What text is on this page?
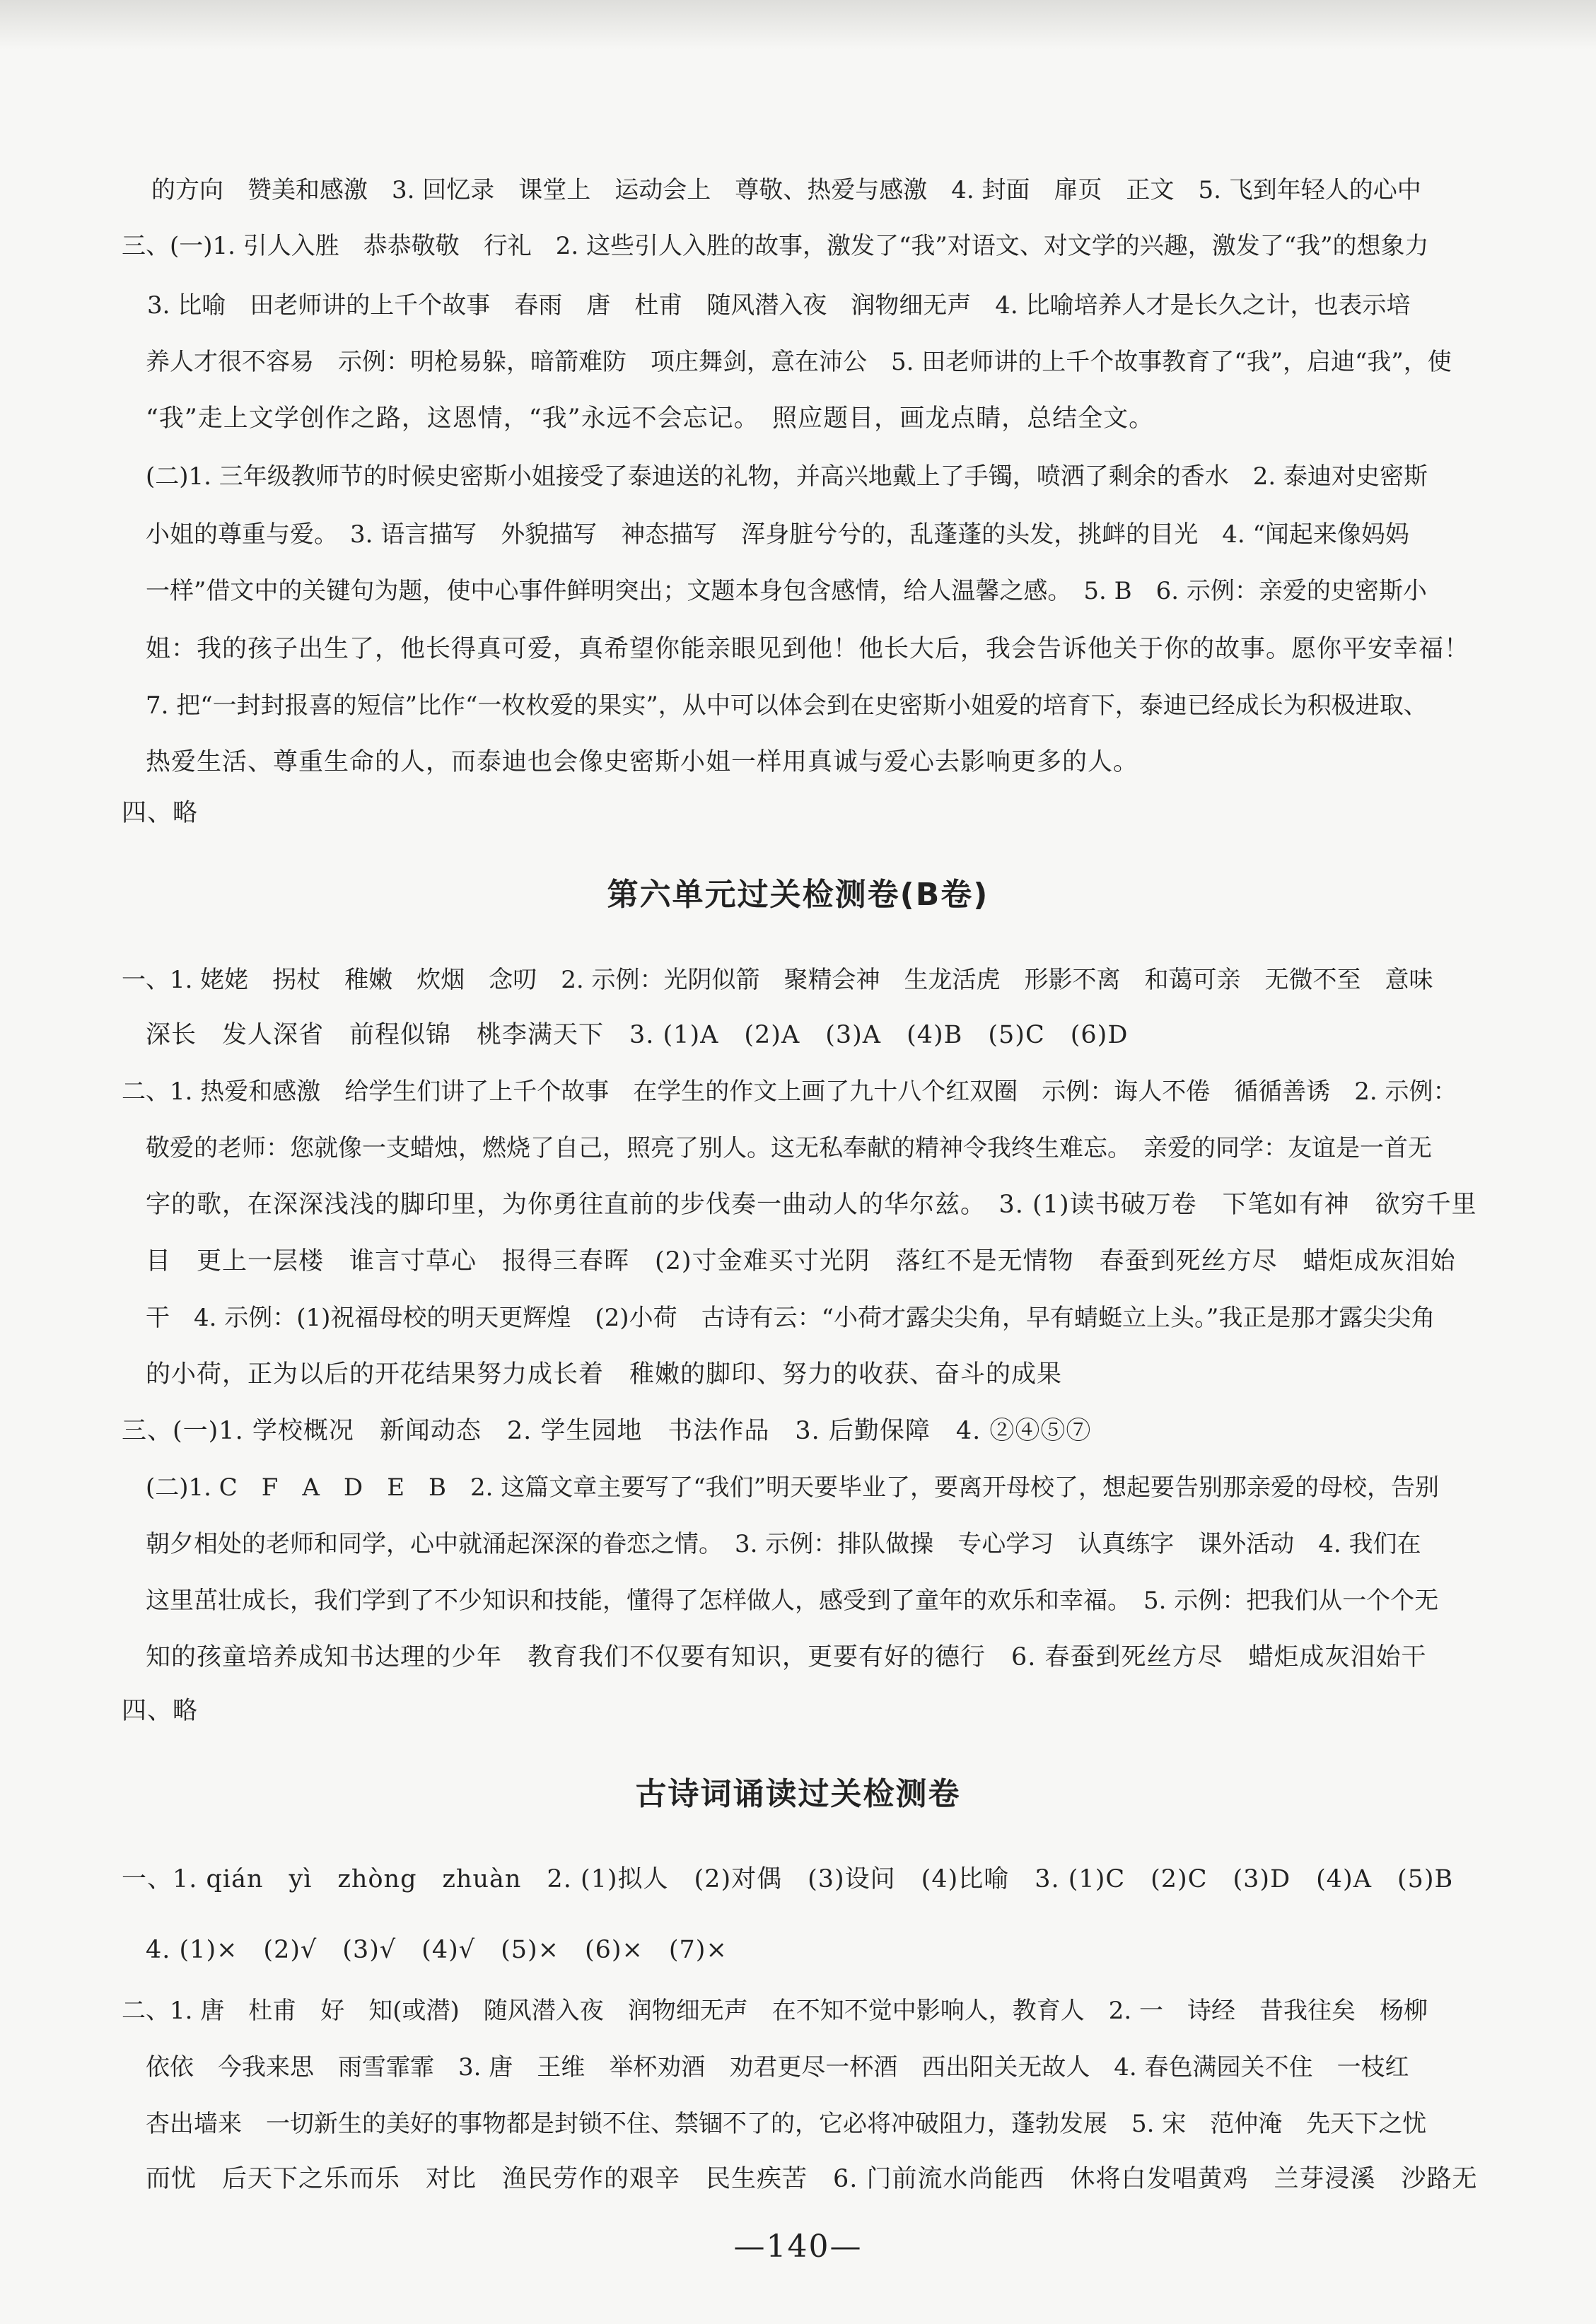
的方向　赞美和感激　3. 回忆录　课堂上　运动会上　尊敬、热爱与感激　4. 封面　扉页　正文　5. 飞到年轻人的心中
三、(一)1. 引人入胜　恭恭敬敬　行礼　2. 这些引人入胜的故事，激发了“我”对语文、对文学的兴趣，激发了“我”的想象力
3. 比喻　田老师讲的上千个故事　春雨　唐　杜甫　随风潜入夜　润物细无声　4. 比喻培养人才是长久之计，也表示培
养人才很不容易　示例：明枪易躲，暗箭难防　项庄舞剑，意在沛公　5. 田老师讲的上千个故事教育了“我”，启迪“我”，使
“我”走上文学创作之路，这恩情，“我”永远不会忘记。　照应题目，画龙点睛，总结全文。
(二)1. 三年级教师节的时候史密斯小姐接受了泰迪送的礼物，并高兴地戴上了手镯，喷洒了剩余的香水　2. 泰迪对史密斯
小姐的尊重与爱。　3. 语言描写　外貌描写　神态描写　浑身脏兮兮的，乱蓬蓬的头发，挑衅的目光　4. “闻起来像妈妈
一样”借文中的关键句为题，使中心事件鲜明突出；文题本身包含感情，给人温馨之感。　5. B　6. 示例：亲爱的史密斯小
姐：我的孩子出生了，他长得真可爱，真希望你能亲眼见到他！他长大后，我会告诉他关于你的故事。愿你平安幸福！
7. 把“一封封报喜的短信”比作“一枚枚爱的果实”，从中可以体会到在史密斯小姐爱的培育下，泰迪已经成长为积极进取、
热爱生活、尊重生命的人，而泰迪也会像史密斯小姐一样用真诚与爱心去影响更多的人。
四、略
第六单元过关检测卷(B卷)
一、1. 姥姥　拐杖　稚嫩　炊烟　念叨　2. 示例：光阴似箭　聚精会神　生龙活虎　形影不离　和蔼可亲　无微不至　意味
深长　发人深省　前程似锦　桃李满天下　3. (1)A　(2)A　(3)A　(4)B　(5)C　(6)D
二、1. 热爱和感激　给学生们讲了上千个故事　在学生的作文上画了九十八个红双圈　示例：诲人不倦　循循善诱　2. 示例：
敬爱的老师：您就像一支蜡烛，燃烧了自己，照亮了别人。这无私奉献的精神令我终生难忘。　亲爱的同学：友谊是一首无
字的歌，在深深浅浅的脚印里，为你勇往直前的步伐奏一曲动人的华尔兹。　3. (1)读书破万卷　下笔如有神　欲穷千里
目　更上一层楼　谁言寸草心　报得三春晖　(2)寸金难买寸光阴　落红不是无情物　春蚕到死丝方尽　蜡炬成灰泪始
干　4. 示例：(1)祝福母校的明天更辉煌　(2)小荷　古诗有云：“小荷才露尖尖角，早有蜻蜓立上头。”我正是那才露尖尖角
的小荷，正为以后的开花结果努力成长着　稚嫩的脚印、努力的收获、奋斗的成果
三、(一)1. 学校概况　新闻动态　2. 学生园地　书法作品　3. 后勤保障　4. ②④⑤⑦
(二)1. C　F　A　D　E　B　2. 这篇文章主要写了“我们”明天要毕业了，要离开母校了，想起要告别那亲爱的母校，告别
朝夕相处的老师和同学，心中就涌起深深的眷恋之情。　3. 示例：排队做操　专心学习　认真练字　课外活动　4. 我们在
这里茁壮成长，我们学到了不少知识和技能，懂得了怎样做人，感受到了童年的欢乐和幸福。　5. 示例：把我们从一个个无
知的孩童培养成知书达理的少年　教育我们不仅要有知识，更要有好的德行　6. 春蚕到死丝方尽　蜡炬成灰泪始干
四、略
古诗词诵读过关检测卷
一、1. qián　yì　zhòng　zhuàn　2. (1)拟人　(2)对偶　(3)设问　(4)比喻　3. (1)C　(2)C　(3)D　(4)A　(5)B
4. (1)×　(2)√　(3)√　(4)√　(5)×　(6)×　(7)×
二、1. 唐　杜甫　好　知(或潜)　随风潜入夜　润物细无声　在不知不觉中影响人，教育人　2. 一　诗经　昔我往矣　杨柳
依依　今我来思　雨雪霏霏　3. 唐　王维　举杯劝酒　劝君更尽一杯酒　西出阳关无故人　4. 春色满园关不住　一枝红
杏出墙来　一切新生的美好的事物都是封锁不住、禁锢不了的，它必将冲破阻力，蓬勃发展　5. 宋　范仲淹　先天下之忧
而忧　后天下之乐而乐　对比　渔民劳作的艰辛　民生疾苦　6. 门前流水尚能西　休将白发唱黄鸡　兰芽浸溪　沙路无
—140—
